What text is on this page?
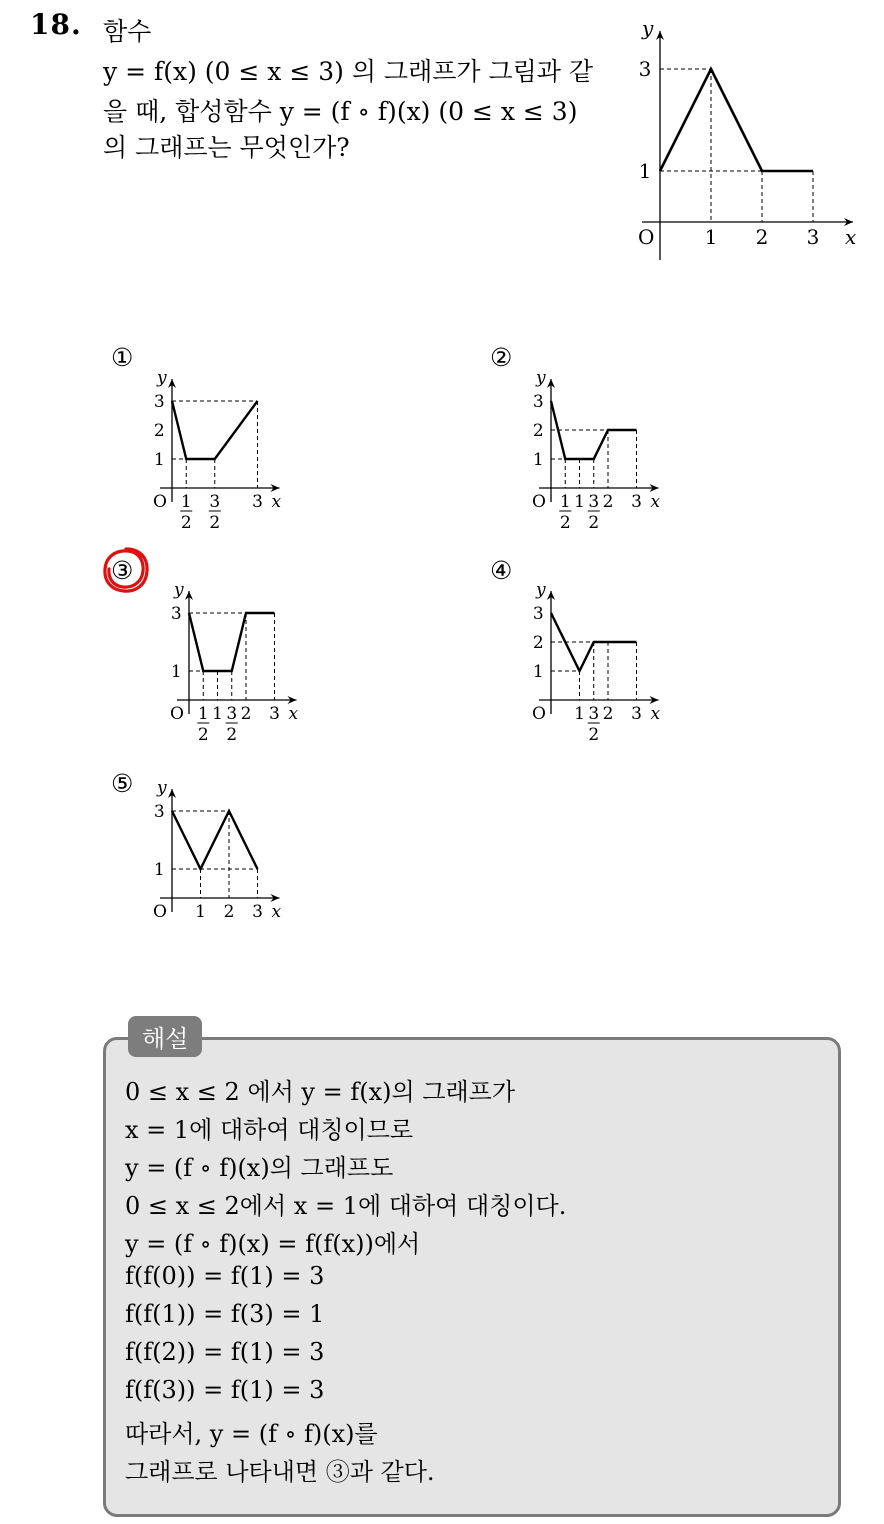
18. 함수
y = f(x) (0 ≤ x ≤ 3) 의 그래프가 그림과 같
을 때, 합성함수 y = (f ∘ f)(x) (0 ≤ x ≤ 3)
의 그래프는 무엇인가?
x
y
O
1
3
1 2 3
①
x
y
O
1
2
3
1
2
3
2
3
②
x
y
O
1
2
3
1
2
1 3
2
2 3
③
x
y
O
1
3
1
2
1 3
2
2 3
④
x
y
O
1
2
3
1 3
2
2 3
⑤
x
y
O
1
3
1 2 3
해설
0 ≤ x ≤ 2 에서 y = f(x)의 그래프가
x = 1에 대하여 대칭이므로
y = (f ∘ f)(x)의 그래프도
0 ≤ x ≤ 2에서 x = 1에 대하여 대칭이다.
y = (f ∘ f)(x) = f(f(x))에서
f(f(0)) = f(1) = 3
f(f(1)) = f(3) = 1
f(f(2)) = f(1) = 3
f(f(3)) = f(1) = 3
따라서, y = (f ∘ f)(x)를
그래프로 나타내면 ③과 같다.
